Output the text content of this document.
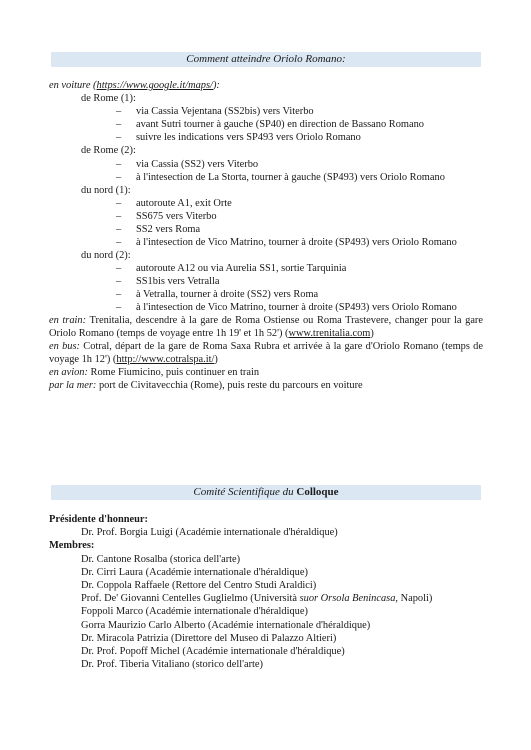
Comment atteindre Oriolo Romano:
en voiture (https://www.google.it/maps/):
de Rome (1):
–	via Cassia Vejentana (SS2bis) vers Viterbo
–	avant Sutri tourner à gauche (SP40) en direction de Bassano Romano
–	suivre les indications vers SP493 vers Oriolo Romano
de Rome (2):
–	via Cassia (SS2) vers Viterbo
–	à l'intesection de La Storta, tourner à gauche (SP493) vers Oriolo Romano
du nord (1):
–	autoroute A1, exit Orte
–	SS675 vers Viterbo
–	SS2 vers Roma
–	à l'intesection de Vico Matrino, tourner à droite (SP493) vers Oriolo Romano
du nord (2):
–	autoroute A12 ou via Aurelia SS1, sortie Tarquinia
–	SS1bis vers Vetralla
–	à Vetralla, tourner à droite (SS2) vers Roma
–	à l'intesection de Vico Matrino, tourner à droite (SP493) vers Oriolo Romano
en train: Trenitalia, descendre à la gare de Roma Ostiense ou Roma Trastevere, changer pour la gare Oriolo Romano (temps de voyage entre 1h 19' et 1h 52') (www.trenitalia.com)
en bus: Cotral, départ de la gare de Roma Saxa Rubra et arrivée à la gare d'Oriolo Romano (temps de voyage 1h 12') (http://www.cotralspa.it/)
en avion: Rome Fiumicino, puis continuer en train
par la mer: port de Civitavecchia (Rome), puis reste du parcours en voiture
Comité Scientifique du Colloque
Présidente d'honneur:
Dr. Prof. Borgia Luigi (Académie internationale d'héraldique)
Membres:
Dr. Cantone Rosalba (storica dell'arte)
Dr. Cirri Laura (Académie internationale d'héraldique)
Dr. Coppola Raffaele (Rettore del Centro Studi Araldici)
Prof. De' Giovanni Centelles Guglielmo (Università suor Orsola Benincasa, Napoli)
Foppoli Marco (Académie internationale d'héraldique)
Gorra Maurizio Carlo Alberto (Académie internationale d'héraldique)
Dr. Miracola Patrizia (Direttore del Museo di Palazzo Altieri)
Dr. Prof. Popoff Michel (Académie internationale d'héraldique)
Dr. Prof. Tiberia Vitaliano (storico dell'arte)
